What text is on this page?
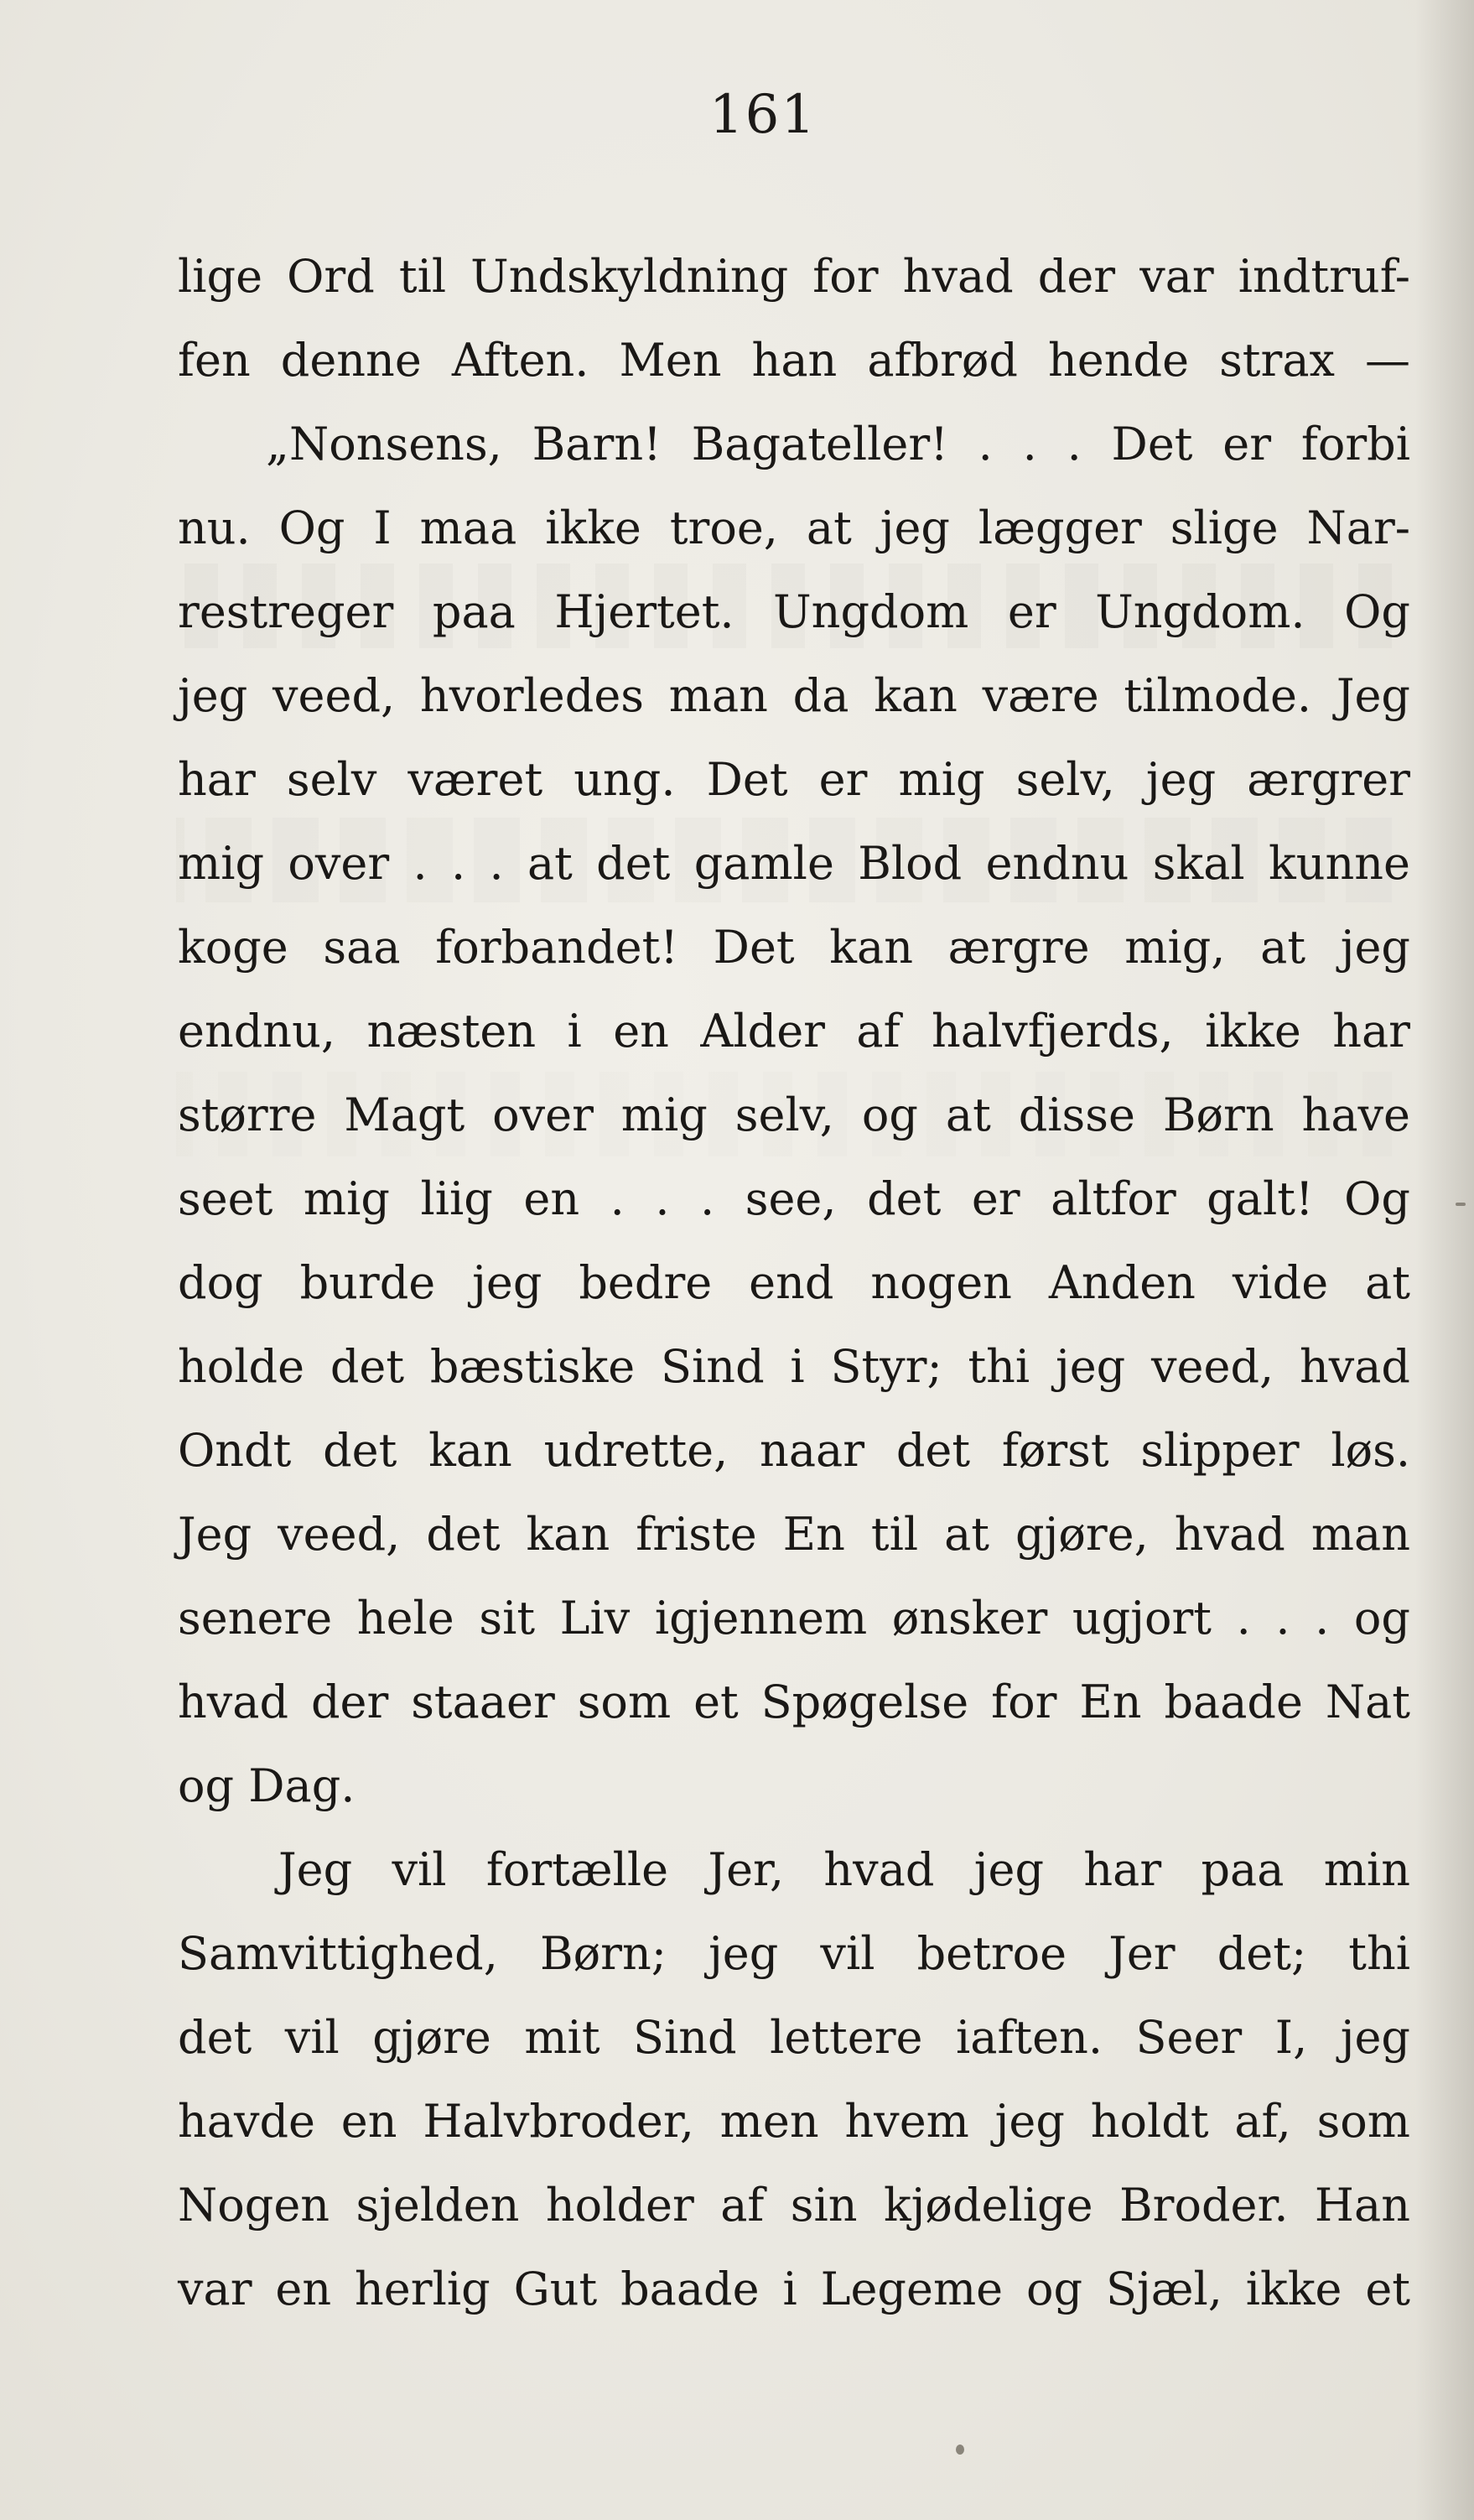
161
lige Ord til Undskyldning for hvad der var indtruf-
fen denne Aften. Men han afbrød hende strax —
„Nonsens, Barn! Bagateller! . . . Det er forbi
nu. Og I maa ikke troe, at jeg lægger slige Nar-
restreger paa Hjertet. Ungdom er Ungdom. Og
jeg veed, hvorledes man da kan være tilmode. Jeg
har selv været ung. Det er mig selv, jeg ærgrer
mig over . . . at det gamle Blod endnu skal kunne
koge saa forbandet! Det kan ærgre mig, at jeg
endnu, næsten i en Alder af halvfjerds, ikke har
større Magt over mig selv, og at disse Børn have
seet mig liig en . . . see, det er altfor galt! Og
dog burde jeg bedre end nogen Anden vide at
holde det bæstiske Sind i Styr; thi jeg veed, hvad
Ondt det kan udrette, naar det først slipper løs.
Jeg veed, det kan friste En til at gjøre, hvad man
senere hele sit Liv igjennem ønsker ugjort . . . og
hvad der staaer som et Spøgelse for En baade Nat
og Dag.
Jeg vil fortælle Jer, hvad jeg har paa min
Samvittighed, Børn; jeg vil betroe Jer det; thi
det vil gjøre mit Sind lettere iaften. Seer I, jeg
havde en Halvbroder, men hvem jeg holdt af, som
Nogen sjelden holder af sin kjødelige Broder. Han
var en herlig Gut baade i Legeme og Sjæl, ikke et
